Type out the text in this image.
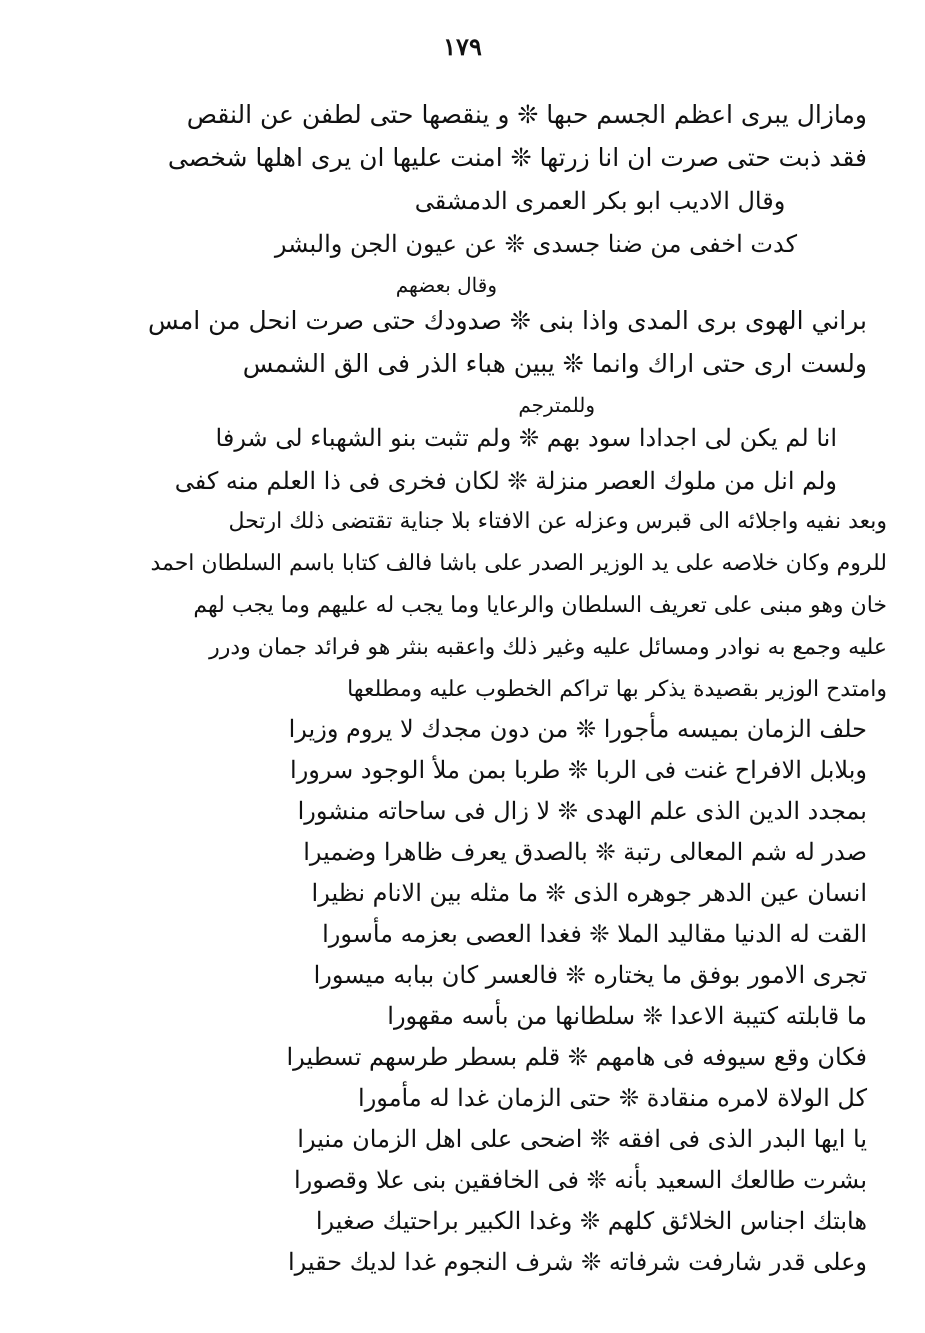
١٧٩
ومازال يبرى اعظم الجسم حبها ❊ و ينقصها حتى لطفن عن النقص
فقد ذبت حتى صرت ان انا زرتها ❊ امنت عليها ان يرى اهلها شخصى
وقال الاديب ابو بكر العمرى الدمشقى
كدت اخفى من ضنا جسدى ❊ عن عيون الجن والبشر
وقال بعضهم
براني الهوى برى المدى واذا بنى ❊ صدودك حتى صرت انحل من امس
ولست ارى حتى اراك وانما ❊ يبين هباء الذر فى الق الشمس
وللمترجم
انا لم يكن لى اجدادا سود بهم ❊ ولم تثبت بنو الشهباء لى شرفا
ولم انل من ملوك العصر منزلة ❊ لكان فخرى فى ذا العلم منه كفى
وبعد نفيه واجلائه الى قبرس وعزله عن الافتاء بلا جناية تقتضى ذلك ارتحل
للروم وكان خلاصه على يد الوزير الصدر على باشا فالف كتابا باسم السلطان احمد
خان وهو مبنى على تعريف السلطان والرعايا وما يجب له عليهم وما يجب لهم
عليه وجمع به نوادر ومسائل عليه وغير ذلك واعقبه بنثر هو فرائد جمان ودرر
وامتدح الوزير بقصيدة يذكر بها تراكم الخطوب عليه ومطلعها
حلف الزمان بميسه مأجورا ❊ من دون مجدك لا يروم وزيرا
وبلابل الافراح غنت فى الربا ❊ طربا بمن ملأ الوجود سرورا
بمجدد الدين الذى علم الهدى ❊ لا زال فى ساحاته منشورا
صدر له شم المعالى رتبة ❊ بالصدق يعرف ظاهرا وضميرا
انسان عين الدهر جوهره الذى ❊ ما مثله بين الانام نظيرا
القت له الدنيا مقاليد الملا ❊ فغدا العصى بعزمه مأسورا
تجرى الامور بوفق ما يختاره ❊ فالعسر كان ببابه ميسورا
ما قابلته كتيبة الاعدا ❊ سلطانها من بأسه مقهورا
فكان وقع سيوفه فى هامهم ❊ قلم بسطر طرسهم تسطيرا
كل الولاة لامره منقادة ❊ حتى الزمان غدا له مأمورا
يا ايها البدر الذى فى افقه ❊ اضحى على اهل الزمان منيرا
بشرت طالعك السعيد بأنه ❊ فى الخافقين بنى علا وقصورا
هابتك اجناس الخلائق كلهم ❊ وغدا الكبير براحتيك صغيرا
وعلى قدر شارفت شرفاته ❊ شرف النجوم غدا لديك حقيرا
